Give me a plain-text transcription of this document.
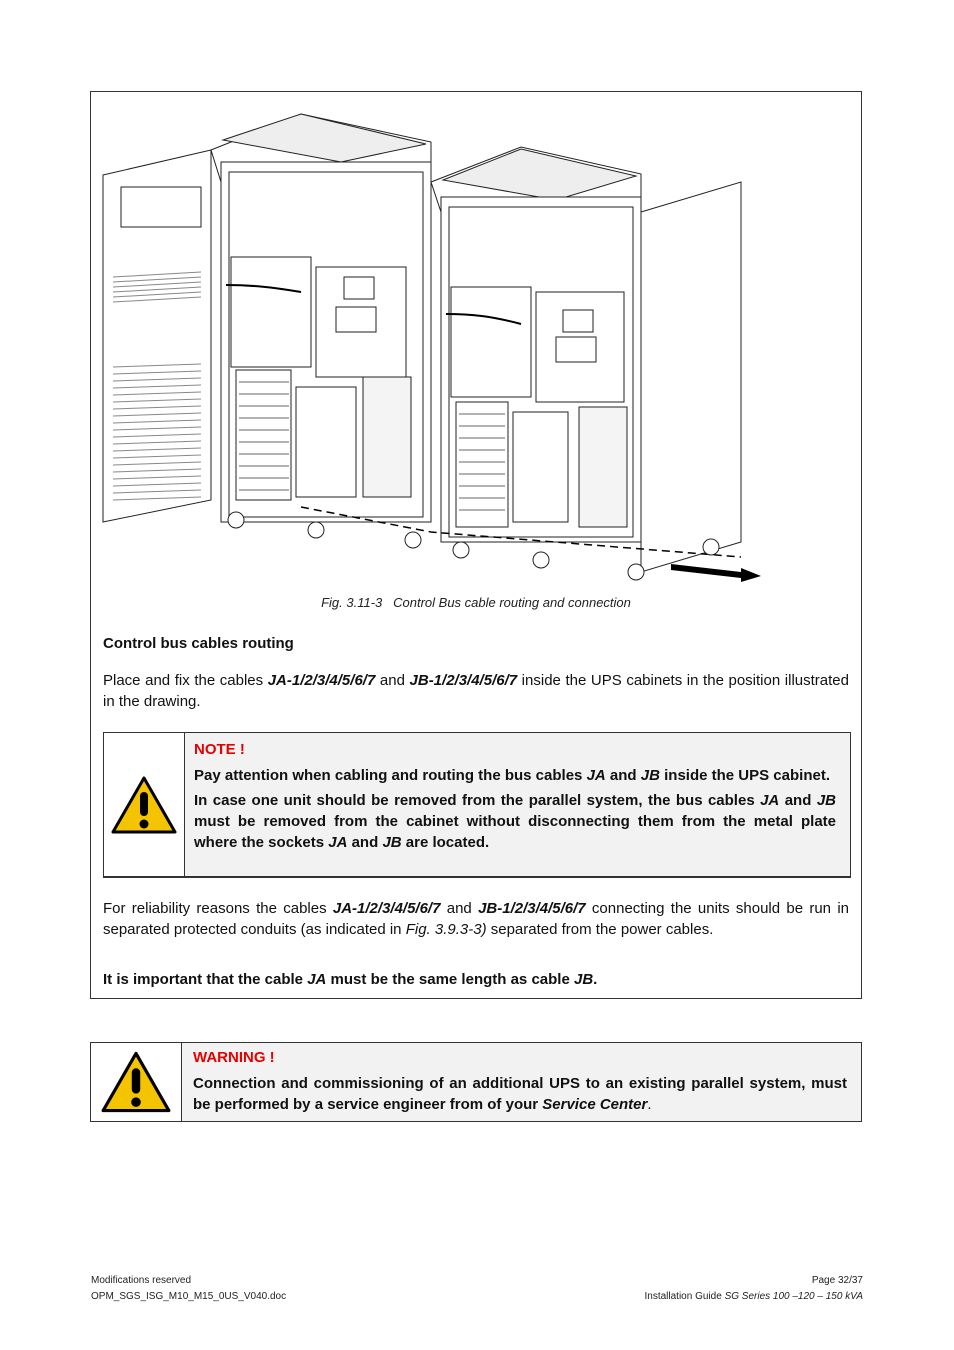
Fig. 3.11-3 Control Bus cable routing and connection
Control bus cables routing
Place and fix the cables JA-1/2/3/4/5/6/7 and JB-1/2/3/4/5/6/7 inside the UPS cabinets in the position illustrated in the drawing.
NOTE !

Pay attention when cabling and routing the bus cables JA and JB inside the UPS cabinet.

In case one unit should be removed from the parallel system, the bus cables JA and JB must be removed from the cabinet without disconnecting them from the metal plate where the sockets JA and JB are located.

For reliability reasons the cables JA-1/2/3/4/5/6/7 and JB-1/2/3/4/5/6/7 connecting the units should be run in separated protected conduits (as indicated in Fig. 3.9.3-3) separated from the power cables.
It is important that the cable JA must be the same length as cable JB.
WARNING !

Connection and commissioning of an additional UPS to an existing parallel system, must be performed by a service engineer from of your Service Center.

Modifications reserved
OPM_SGS_ISG_M10_M15_0US_V040.doc
Page 32/37
Installation Guide SG Series 100 –120 – 150 kVA
